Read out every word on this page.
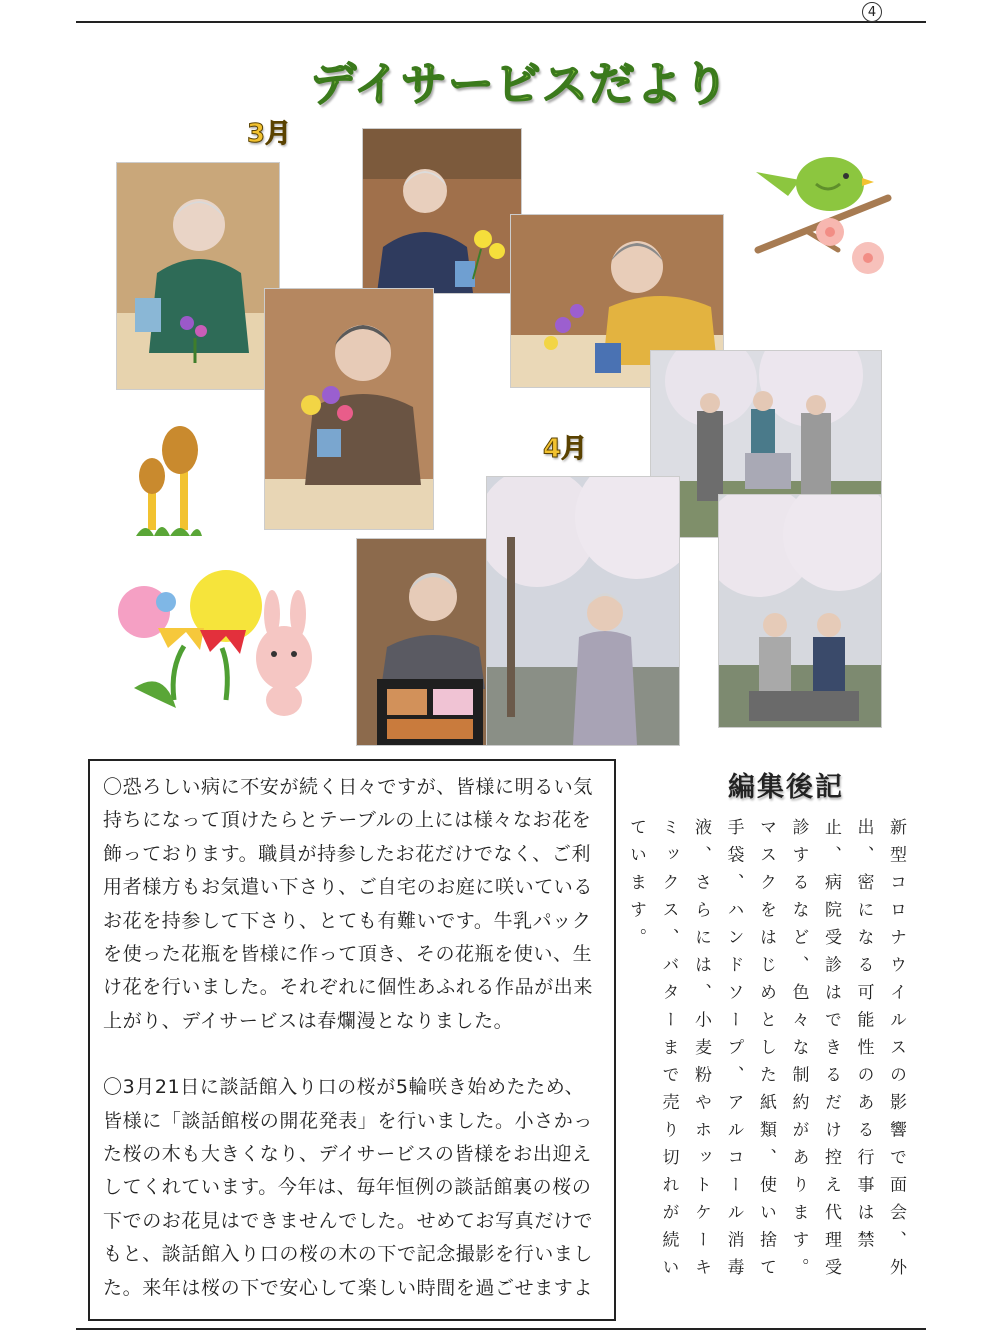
4
デイサービスだより
3月
4月

〇恐ろしい病に不安が続く日々ですが、皆様に明るい気持ちになって頂けたらとテーブルの上には様々なお花を飾っております。職員が持参したお花だけでなく、ご利用者様方もお気遣い下さり、ご自宅のお庭に咲いているお花を持参して下さり、とても有難いです。牛乳パックを使った花瓶を皆様に作って頂き、その花瓶を使い、生け花を行いました。それぞれに個性あふれる作品が出来上がり、デイサービスは春爛漫となりました。

〇3月21日に談話館入り口の桜が5輪咲き始めたため、皆様に「談話館桜の開花発表」を行いました。小さかった桜の木も大きくなり、デイサービスの皆様をお出迎えしてくれています。今年は、毎年恒例の談話館裏の桜の下でのお花見はできませんでした。せめてお写真だけでもと、談話館入り口の桜の木の下で記念撮影を行いました。来年は桜の下で安心して楽しい時間を過ごせますよ

編集後記
新型コロナウイルスの影響で面会、外出、密になる可能性のある行事は禁止、病院受診はできるだけ控え代理受診するなど、色々な制約があります。マスクをはじめとした紙類、使い捨て手袋、ハンドソープ、アルコール消毒液、さらには、小麦粉やホットケーキミックス、バターまで売り切れが続いています。
